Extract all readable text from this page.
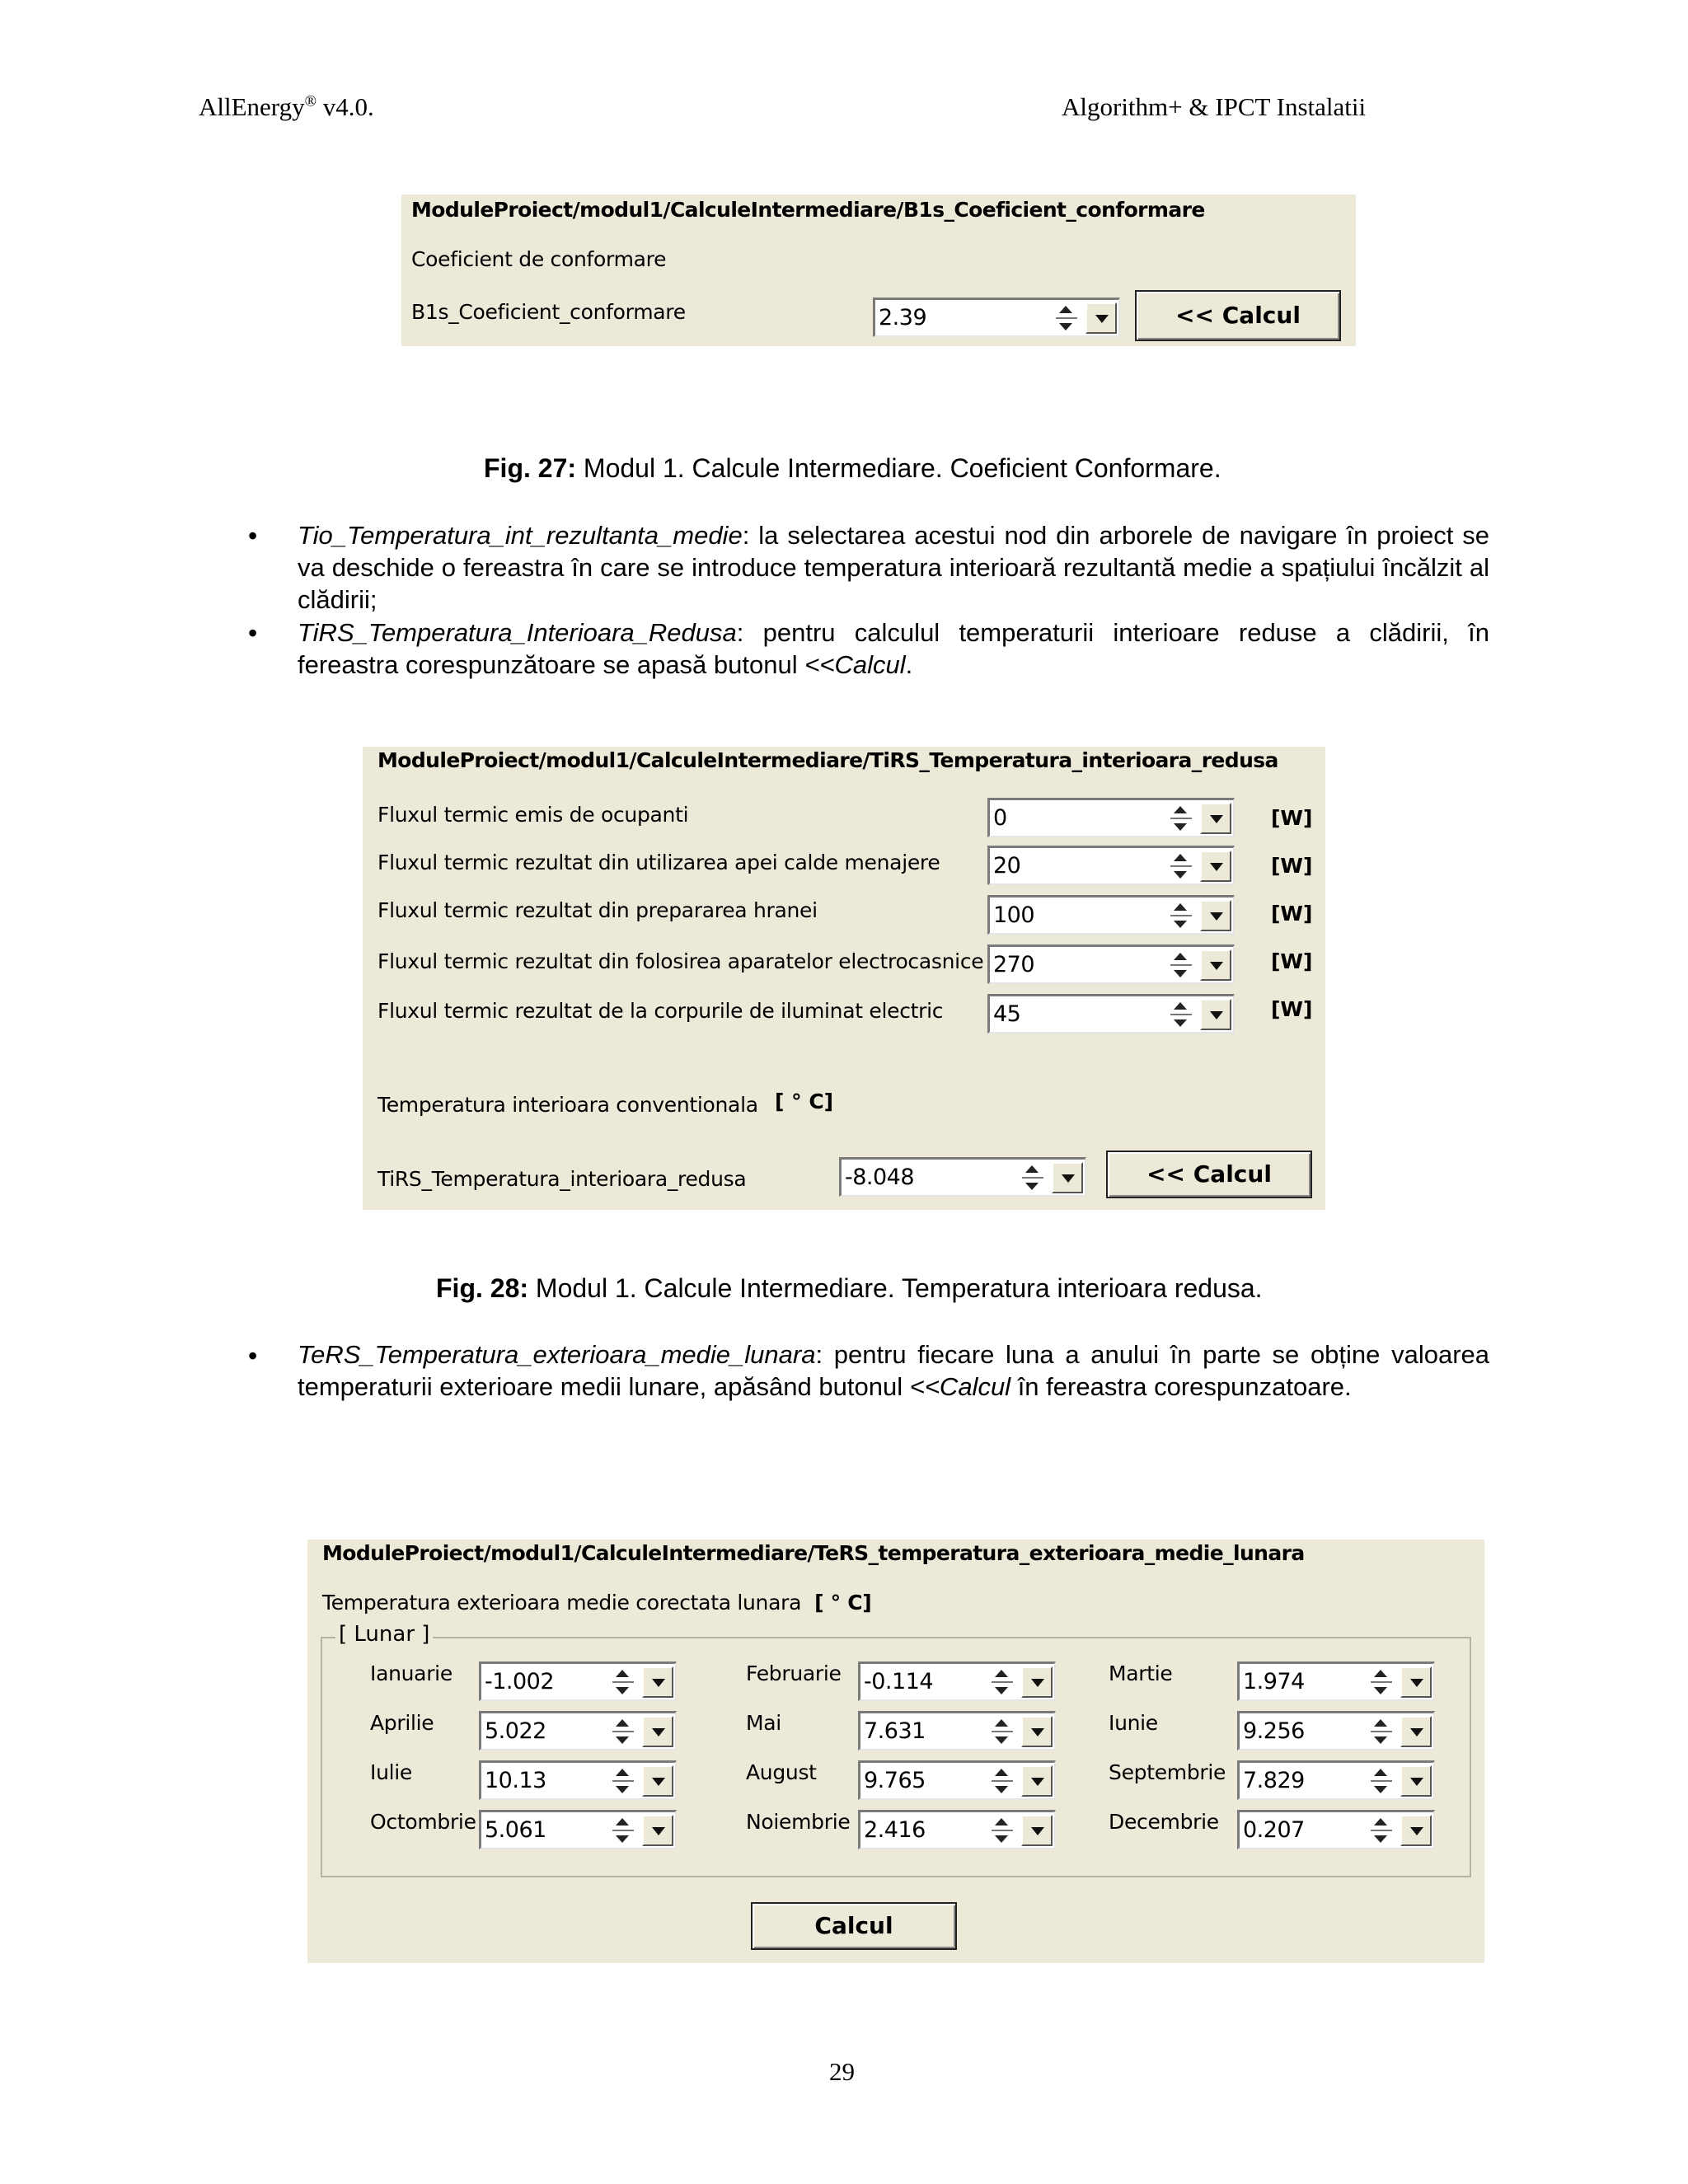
AllEnergy® v4.0.	Algorithm+ & IPCT Instalatii
ModuleProiect/modul1/CalculeIntermediare/B1s_Coeficient_conformare
Coeficient de conformare
B1s_Coeficient_conformare	2.39	<< Calcul
Fig. 27: Modul 1. Calcule Intermediare. Coeficient Conformare.
• Tio_Temperatura_int_rezultanta_medie: la selectarea acestui nod din arborele de navigare în proiect se va deschide o fereastra în care se introduce temperatura interioară rezultantă medie a spațiului încălzit al clădirii;
• TiRS_Temperatura_Interioara_Redusa: pentru calculul temperaturii interioare reduse a clădirii, în fereastra corespunzătoare se apasă butonul <<Calcul.
ModuleProiect/modul1/CalculeIntermediare/TiRS_Temperatura_interioara_redusa
Fluxul termic emis de ocupanti	0	[W]
Fluxul termic rezultat din utilizarea apei calde menajere 20	[W]
Fluxul termic rezultat din prepararea hranei	100	[W]
Fluxul termic rezultat din folosirea aparatelor electrocasnice 270	[W]
Fluxul termic rezultat de la corpurile de iluminat electric 45	[W]
Temperatura interioara conventionala [ ° C]
TiRS_Temperatura_interioara_redusa	-8.048	<< Calcul
Fig. 28: Modul 1. Calcule Intermediare. Temperatura interioara redusa.
• TeRS_Temperatura_exterioara_medie_lunara: pentru fiecare luna a anului în parte se obține valoarea temperaturii exterioare medii lunare, apăsând butonul <<Calcul în fereastra corespunzatoare.
ModuleProiect/modul1/CalculeIntermediare/TeRS_temperatura_exterioara_medie_lunara
Temperatura exterioara medie corectata lunara [ ° C]
[ Lunar ]
Ianuarie -1.002	Februarie -0.114	Martie	1.974
Aprilie 5.022	Mai	7.631	Iunie	9.256
Iulie	10.13	August 9.765	Septembrie 7.829
Octombrie 5.061	Noiembrie 2.416	Decembrie 0.207
Calcul
29
